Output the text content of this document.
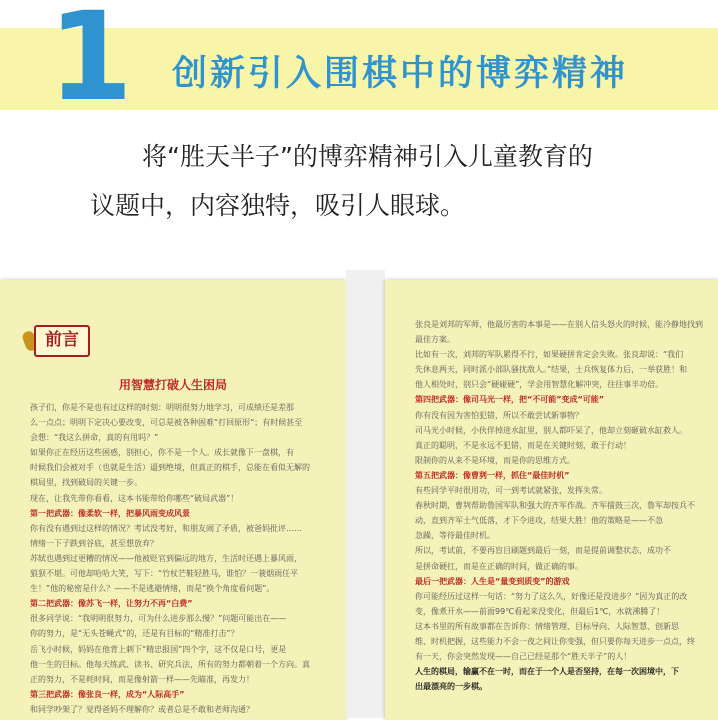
1 创新引入围棋中的博弈精神
将“胜天半子”的博弈精神引入儿童教育的
议题中，内容独特，吸引人眼球。
前言
用智慧打破人生困局
孩子们，你是不是也有过这样的时刻：明明很努力地学习，可成绩还是差那
么一点点；明明下定决心要改变，可总是被各种困难“打回原形”；有时候甚至
会想：“我这么拼命，真的有用吗？”
如果你正在经历这些困惑，别担心，你不是一个人。成长就像下一盘棋，有
时候我们会被对手（也就是生活）逼到绝境，但真正的棋手，总能在看似无解的
棋局里，找到破局的关键一步。
现在，让我先带你看看，这本书能带给你哪些“破局武器”！
第一把武器：像柔软一样，把暴风雨变成风景
你有没有遇到过这样的情况？考试没考好，和朋友闹了矛盾，被爸妈批评……
情绪一下子跌到谷底，甚至想放弃？
苏轼也遇到过更糟的情况——他被贬官到偏远的地方，生活时还遇上暴风雨，
狼狈不堪。可他却哈哈大笑，写下：“竹杖芒鞋轻胜马，谁怕？一蓑烟雨任平
生！”他的秘密是什么？——不是逃避情绪，而是“换个角度看问题”。
第二把武器：像苏飞一样，让努力不再“白费”
很多同学说：“我明明很努力，可为什么进步那么慢？”问题可能出在——
你的努力，是“无头苍蝇式”的，还是有目标的“精准打击”？
岳飞小时候，妈妈在他背上刺下“精忠报国”四个字，这不仅是口号，更是
他一生的目标。他每天练武、读书、研究兵法，所有的努力都朝着一个方向。真
正的努力，不是耗时间，而是像射箭一样——先瞄准，再发力！
第三把武器：像张良一样，成为“人际高手”
和同学吵架了？觉得爸妈不理解你？或者总是不敢和老师沟通？
张良是刘邦的军师，他最厉害的本事是——在别人信头怒火的时候，能冷静地找到
最佳方案。
比如有一次，刘邦的军队累得不行，如果硬拼肯定会失败。张良却说：“我们
先休息两天，同时派小部队骚扰敌人。”结果，士兵恢复体力后，一举获胜！和
他人相处时，别只会“硬碰硬”，学会用智慧化解冲突，往往事半功倍。
第四把武器：像司马光一样，把“不可能”变成“可能”
你有没有因为害怕犯错，所以不敢尝试新事物？
司马光小时候，小伙伴掉进水缸里，别人都吓呆了，他却立刻砸破水缸救人。
真正的聪明，不是永远不犯错，而是在关键时刻，敢于行动！
限制你的从来不是环境，而是你的思维方式。
第五把武器：像曹刿一样，抓住“最佳时机”
有些同学平时很用功，可一到考试就紧张，发挥失常。
春秋时期，曹刿帮助鲁国军队和强大的齐军作战。齐军擂鼓三次，鲁军却按兵不
动，直到齐军士气低落，才下令进攻，结果大胜！他的策略是——不急
急躁，等待最佳时机。
所以，考试前，不要再盲目刷题到最后一刻，而是提前调整状态，成功不
是拼命硬扛，而是在正确的时间，做正确的事。
最后一把武器：人生是“量变到质变”的游戏
你可能经历过这样一句话：“努力了这么久，好像还是没进步？”因为真正的改
变，像煮开水——前面99℃看起来没变化，但最后1℃，水就沸腾了！
这本书里的所有故事都在告诉你：情绪管理、目标导向、人际智慧、创新思
维、时机把握，这些能力不会一夜之间让你变强，但只要你每天进步一点点，终
有一天，你会突然发现——自己已经是那个“胜天半子”的人！
人生的棋局，输赢不在一时，而在于一个人是否坚持，在每一次困境中，下
出最漂亮的一步棋。
